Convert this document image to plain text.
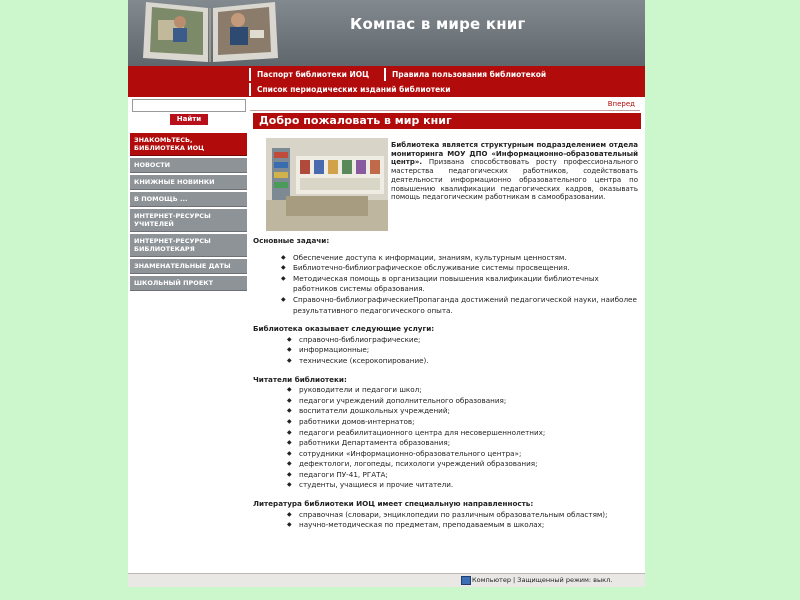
Компас в мире книг
Паспорт библиотеки ИОЦ	Правила пользования библиотекой
Список периодических изданий библиотеки
Найти
ЗНАКОМЬТЕСЬ, БИБЛИОТЕКА ИОЦ
НОВОСТИ
КНИЖНЫЕ НОВИНКИ
В ПОМОЩЬ ...
ИНТЕРНЕТ-РЕСУРСЫ УЧИТЕЛЕЙ
ИНТЕРНЕТ-РЕСУРСЫ БИБЛИОТЕКАРЯ
ЗНАМЕНАТЕЛЬНЫЕ ДАТЫ
ШКОЛЬНЫЙ ПРОЕКТ
Вперед
Добро пожаловать в мир книг
Библиотека является структурным подразделением отдела мониторинга МОУ ДПО «Информационно-образовательный центр». Призвана способствовать росту профессионального мастерства педагогических работников, содействовать деятельности информационно образовательного центра по повышению квалификации педагогических кадров, оказывать помощь педагогическим работникам в самообразовании.

Основные задачи:

◆ Обеспечение доступа к информации, знаниям, культурным ценностям.
◆ Библиотечно-библиографическое обслуживание системы просвещения.
◆ Методическая помощь в организации повышения квалификации библиотечных работников системы образования.
◆ Справочно-библиографическиеПропаганда достижений педагогической науки, наиболее результативного педагогического опыта.

Библиотека оказывает следующие услуги:

◆ справочно-библиографические;
◆ информационные;
◆ технические (ксерокопирование).

Читатели библиотеки:

◆ руководители и педагоги школ;
◆ педагоги учреждений дополнительного образования;
◆ воспитатели дошкольных учреждений;
◆ работники домов-интернатов;
◆ педагоги реабилитационного центра для несовершеннолетних;
◆ работники Департамента образования;
◆ сотрудники «Информационно-образовательного центра»;
◆ дефектологи, логопеды, психологи учреждений образования;
◆ педагоги ПУ-41, РГАТА;
◆ студенты, учащиеся и прочие читатели.

Литература библиотеки ИОЦ имеет специальную направленность:

◆ справочная (словари, энциклопедии по различным образовательным областям);
◆ научно-методическая по предметам, преподаваемым в школах;
Компьютер | Защищенный режим: выкл.
